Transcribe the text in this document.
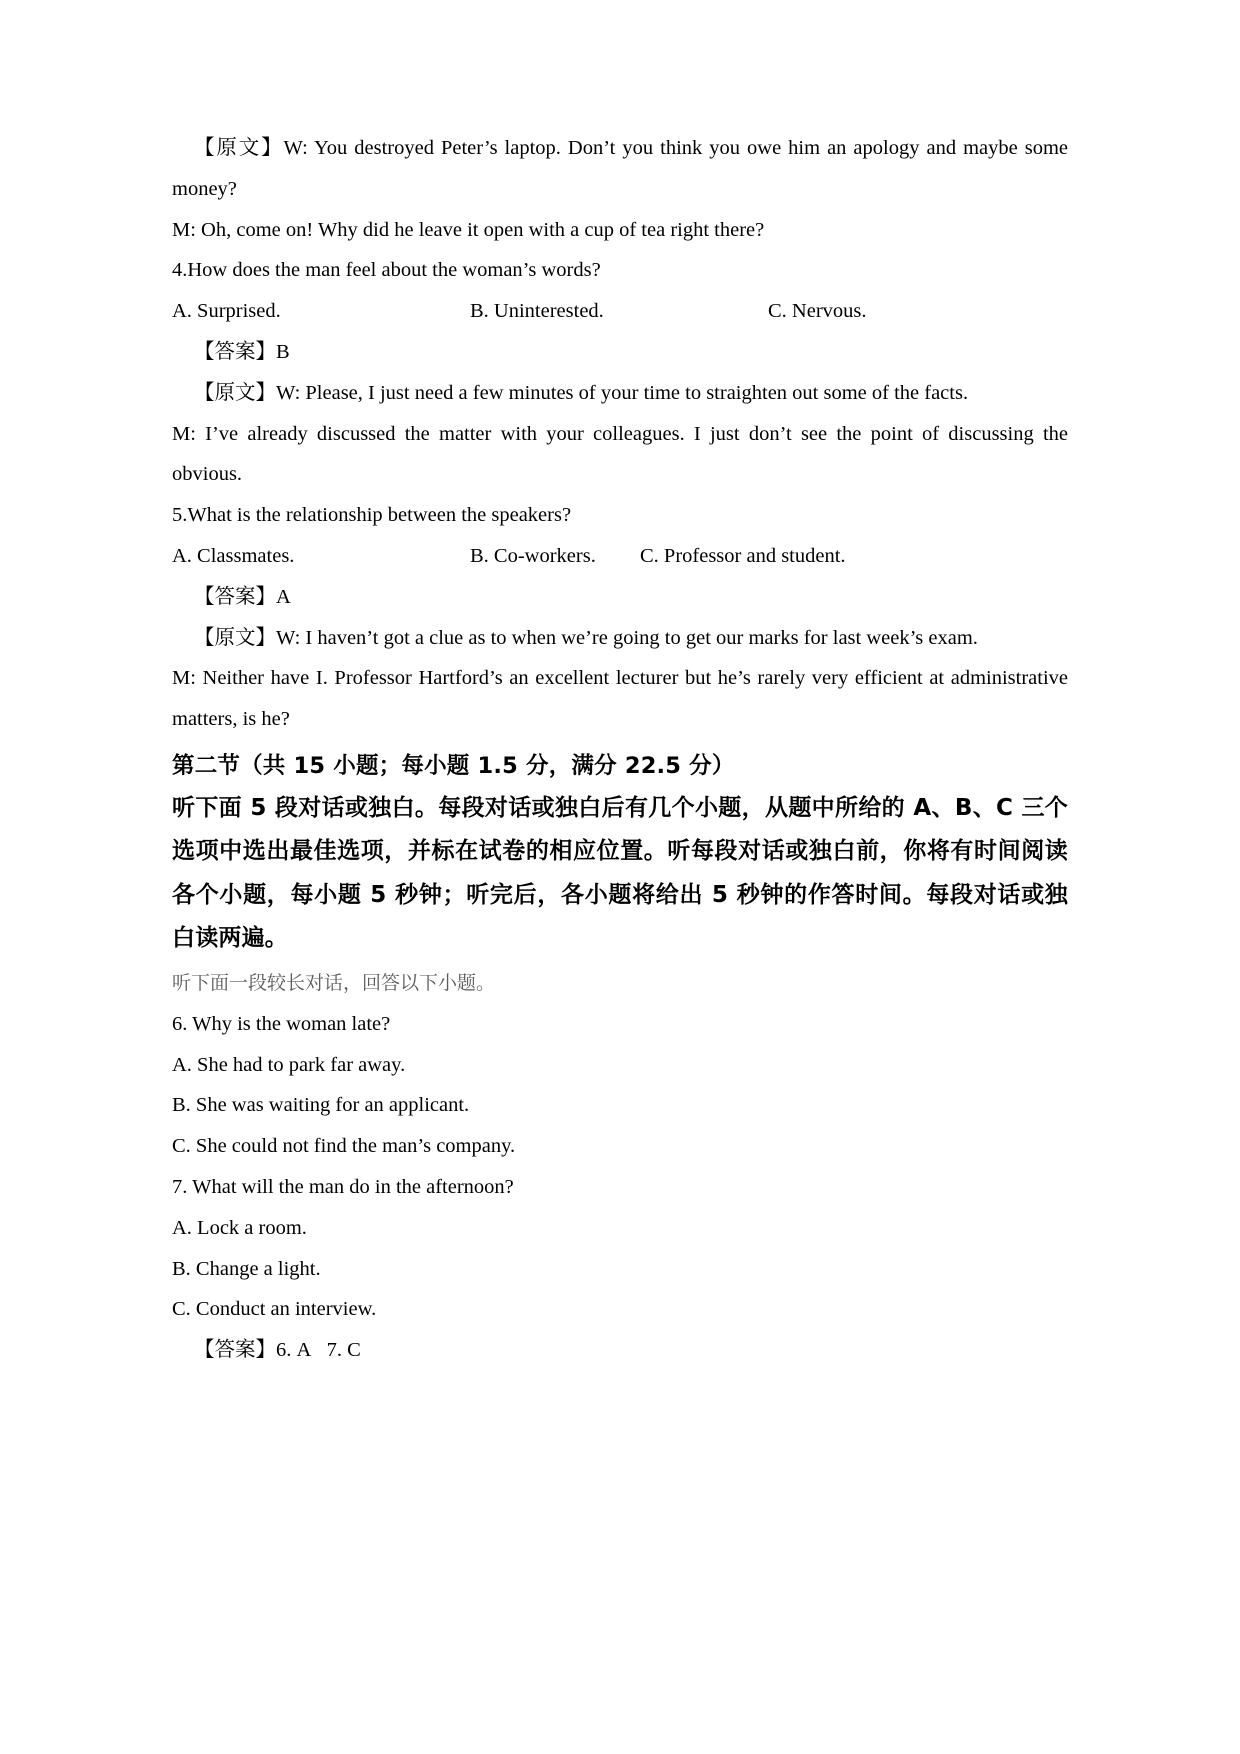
【原文】W: You destroyed Peter’s laptop. Don’t you think you owe him an apology and maybe some money?

M: Oh, come on! Why did he leave it open with a cup of tea right there?

4.How does the man feel about the woman’s words?

A. Surprised.	B. Uninterested.	C. Nervous.

【答案】B

【原文】W: Please, I just need a few minutes of your time to straighten out some of the facts.

M: I’ve already discussed the matter with your colleagues. I just don’t see the point of discussing the obvious.

5.What is the relationship between the speakers?

A. Classmates.	B. Co-workers. C. Professor and student.

【答案】A

【原文】W: I haven’t got a clue as to when we’re going to get our marks for last week’s exam.

M: Neither have I. Professor Hartford’s an excellent lecturer but he’s rarely very efficient at administrative matters, is he?

第二节（共 15 小题；每小题 1.5 分，满分 22.5 分）

听下面 5 段对话或独白。每段对话或独白后有几个小题，从题中所给的 A、B、C 三个选项中选出最佳选项，并标在试卷的相应位置。听每段对话或独白前，你将有时间阅读各个小题，每小题 5 秒钟；听完后，各小题将给出 5 秒钟的作答时间。每段对话或独白读两遍。

听下面一段较长对话，回答以下小题。

6. Why is the woman late?

A. She had to park far away.

B. She was waiting for an applicant.

C. She could not find the man’s company.

7. What will the man do in the afternoon?

A. Lock a room.

B. Change a light.

C. Conduct an interview.

【答案】6. A   7. C
